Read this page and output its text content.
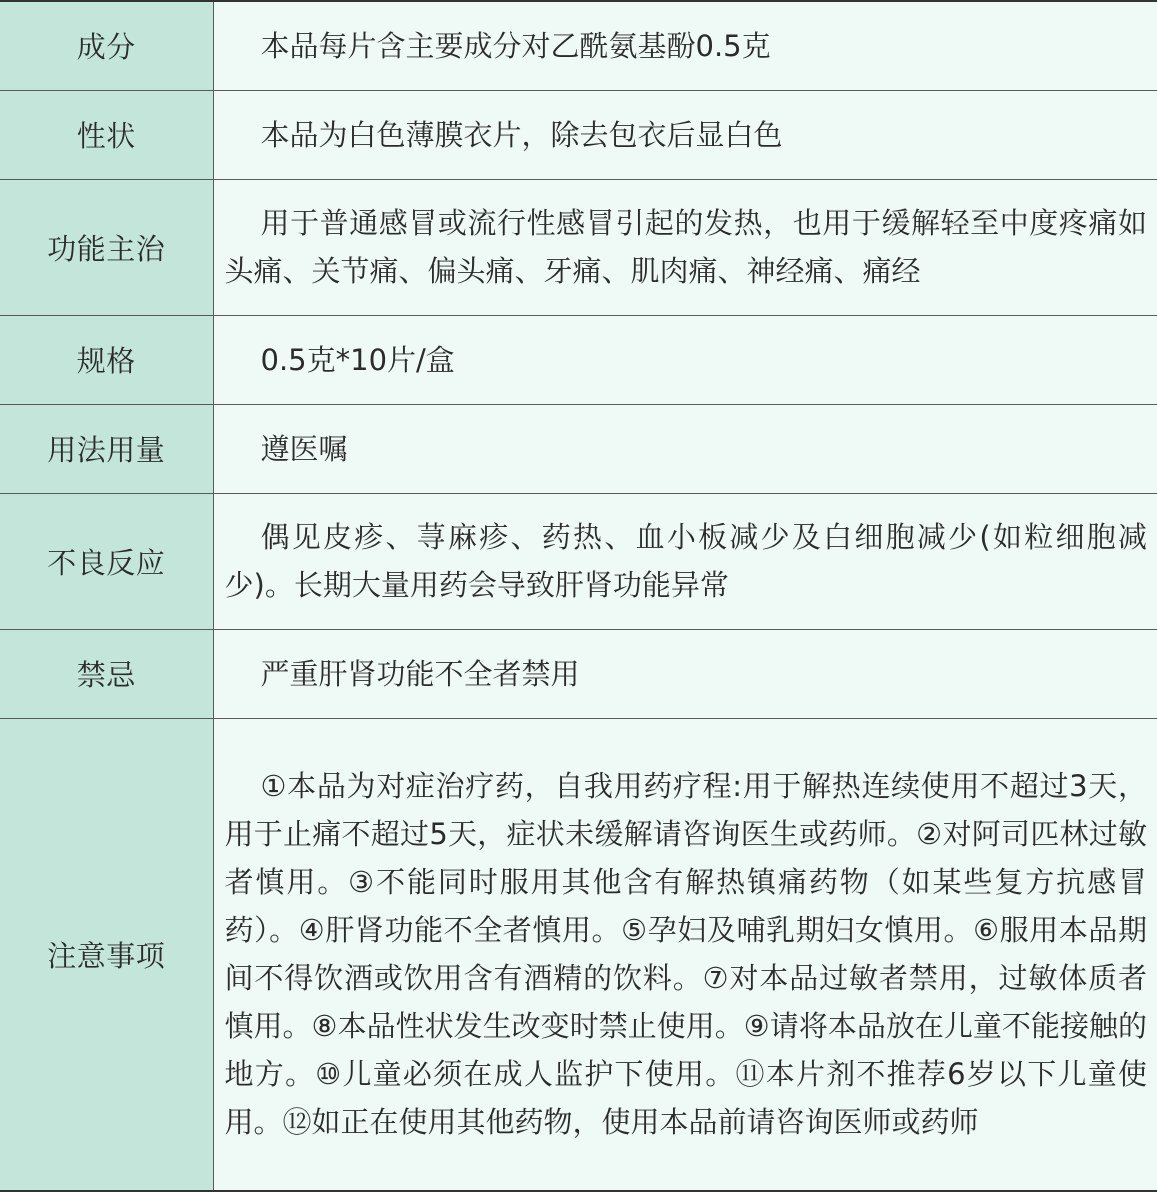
成分	本品每片含主要成分对乙酰氨基酚0.5克
性状	本品为白色薄膜衣片，除去包衣后显白色
功能主治	用于普通感冒或流行性感冒引起的发热，也用于缓解轻至中度疼痛如头痛、关节痛、偏头痛、牙痛、肌肉痛、神经痛、痛经
规格	0.5克*10片/盒
用法用量	遵医嘱
不良反应	偶见皮疹、荨麻疹、药热、血小板减少及白细胞减少(如粒细胞减少)。长期大量用药会导致肝肾功能异常
禁忌	严重肝肾功能不全者禁用
注意事项	①本品为对症治疗药，自我用药疗程:用于解热连续使用不超过3天，用于止痛不超过5天，症状未缓解请咨询医生或药师。②对阿司匹林过敏者慎用。③不能同时服用其他含有解热镇痛药物（如某些复方抗感冒药）。④肝肾功能不全者慎用。⑤孕妇及哺乳期妇女慎用。⑥服用本品期间不得饮酒或饮用含有酒精的饮料。⑦对本品过敏者禁用，过敏体质者慎用。⑧本品性状发生改变时禁止使用。⑨请将本品放在儿童不能接触的地方。⑩儿童必须在成人监护下使用。⑪本片剂不推荐6岁以下儿童使用。⑫如正在使用其他药物，使用本品前请咨询医师或药师
